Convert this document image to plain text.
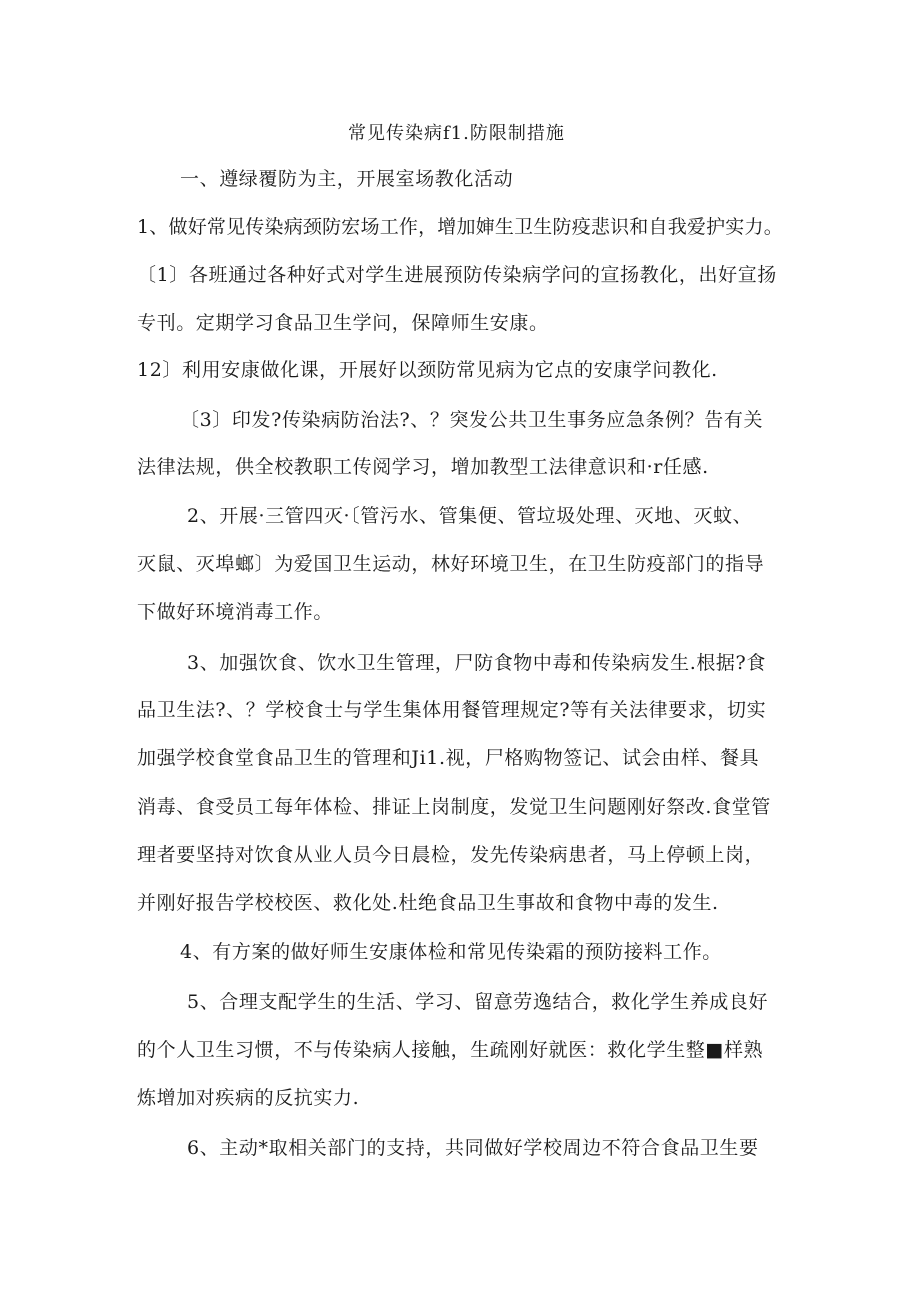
常见传染病f1.防限制措施
一、遵绿覆防为主，开展室场教化活动
1、做好常见传染病颈防宏场工作，增加婶生卫生防疫悲识和自我爱护实力。
〔1〕各班通过各种好式对学生进展预防传染病学问的宣扬教化，出好宣扬
专刊。定期学习食品卫生学问，保障师生安康。
12〕利用安康做化课，开展好以颈防常见病为它点的安康学问教化.
〔3〕印发?传染病防治法?、？突发公共卫生事务应急条例？告有关
法律法规，供全校教职工传阅学习，增加教型工法律意识和·r任感.
2、开展·三管四灭·〔管污水、管集便、管垃圾处理、灭地、灭蚊、
灭鼠、灭埠螂〕为爱国卫生运动，林好环境卫生，在卫生防疫部门的指导
下做好环境消毒工作。
3、加强饮食、饮水卫生管理，尸防食物中毒和传染病发生.根据?食
品卫生法?、？学校食士与学生集体用餐管理规定?等有关法律要求，切实
加强学校食堂食品卫生的管理和Ji1.视，尸格购物签记、试会由样、餐具
消毒、食受员工每年体检、排证上岗制度，发觉卫生问题刚好祭改.食堂管
理者要坚持对饮食从业人员今日晨检，发先传染病患者，马上停顿上岗，
并刚好报告学校校医、救化处.杜绝食品卫生事故和食物中毒的发生.
4、有方案的做好师生安康体检和常见传染霜的预防接料工作。
5、合理支配学生的生活、学习、留意劳逸结合，救化学生养成良好
的个人卫生习惯，不与传染病人接触，生疏刚好就医：救化学生整■样熟
炼增加对疾病的反抗实力.
6、主动*取相关部门的支持，共同做好学校周边不符合食品卫生要
